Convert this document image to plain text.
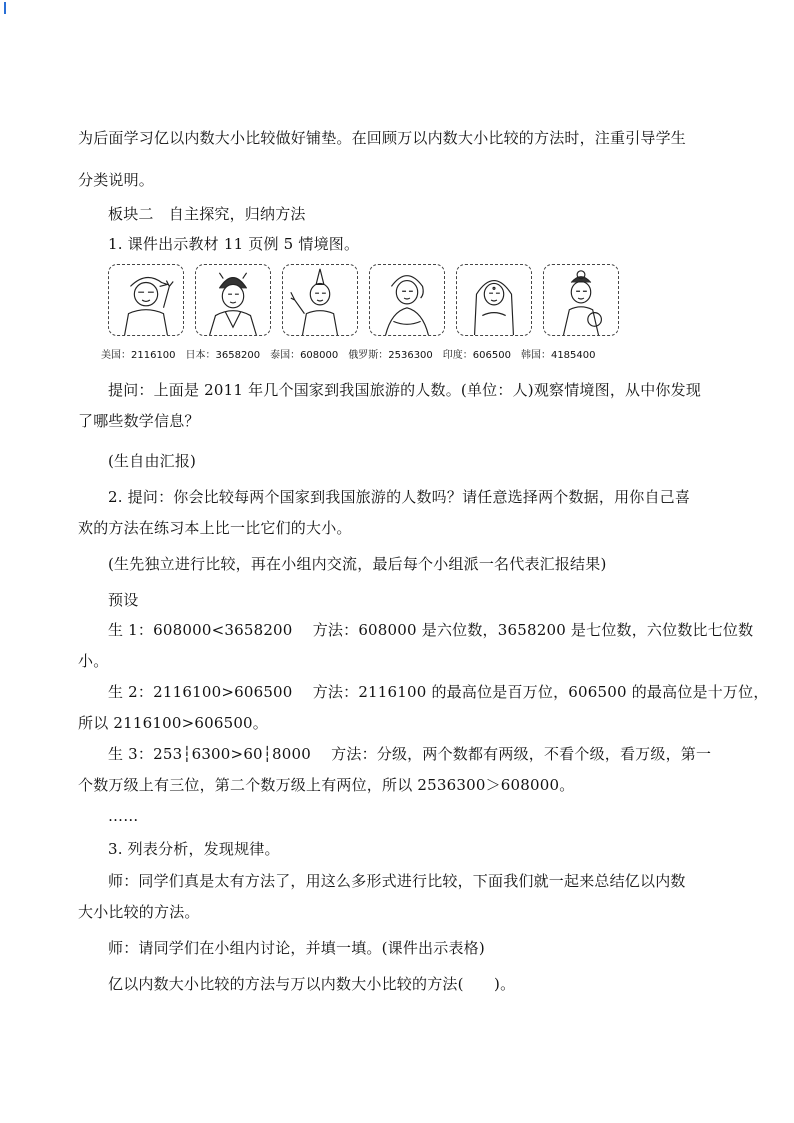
为后面学习亿以内数大小比较做好铺垫。在回顾万以内数大小比较的方法时，注重引导学生
分类说明。
板块二　自主探究，归纳方法
1. 课件出示教材 11 页例 5 情境图。
美国：2116100　日本：3658200　泰国：608000　俄罗斯：2536300　印度：606500　韩国：4185400
提问：上面是 2011 年几个国家到我国旅游的人数。(单位：人)观察情境图，从中你发现
了哪些数学信息？
(生自由汇报)
2. 提问：你会比较每两个国家到我国旅游的人数吗？请任意选择两个数据，用你自己喜
欢的方法在练习本上比一比它们的大小。
(生先独立进行比较，再在小组内交流，最后每个小组派一名代表汇报结果)
预设
生 1：608000<3658200　 方法：608000 是六位数，3658200 是七位数，六位数比七位数
小。
生 2：2116100>606500　 方法：2116100 的最高位是百万位，606500 的最高位是十万位，
所以 2116100>606500。
生 3：253┆6300>60┆8000　 方法：分级，两个数都有两级，不看个级，看万级，第一
个数万级上有三位，第二个数万级上有两位，所以 2536300＞608000。
……
3. 列表分析，发现规律。
师：同学们真是太有方法了，用这么多形式进行比较，下面我们就一起来总结亿以内数
大小比较的方法。
师：请同学们在小组内讨论，并填一填。(课件出示表格)
亿以内数大小比较的方法与万以内数大小比较的方法(　　)。
